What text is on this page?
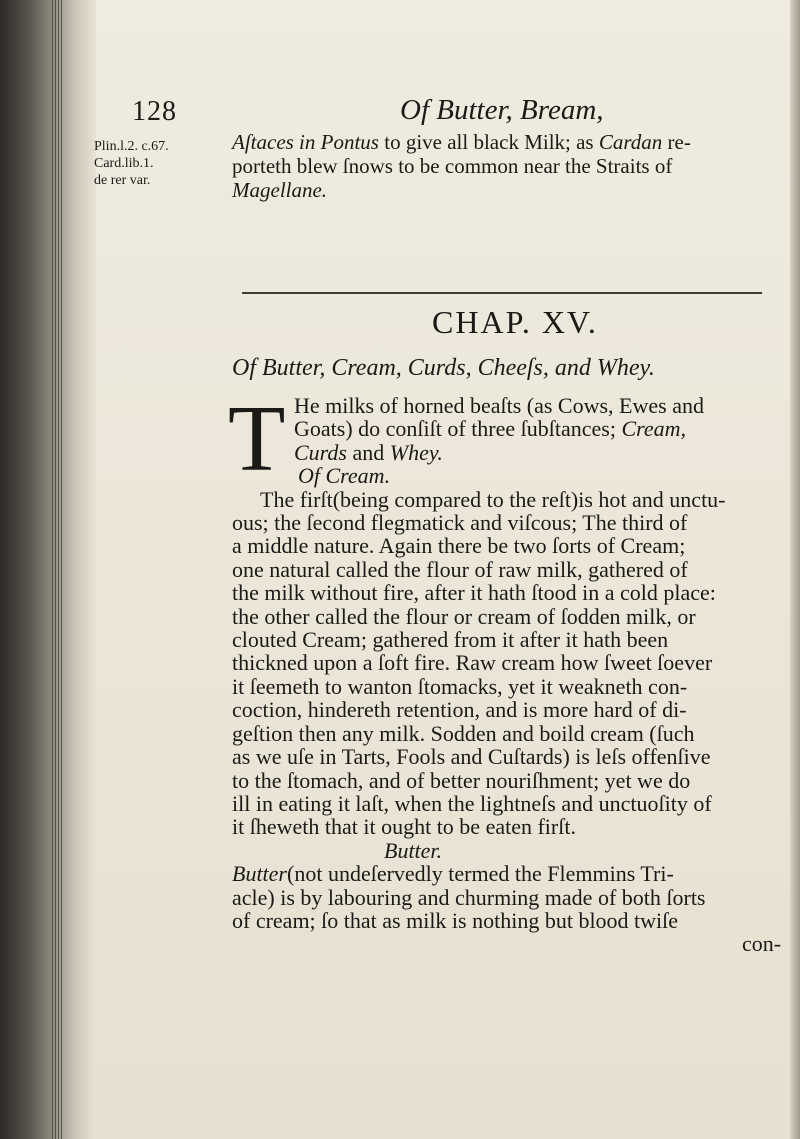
128	Of Butter, Bream,
Plin.l.2. c.67.
Card.lib.1.
de rer var.
Aſtaces in Pontus to give all black Milk; as Cardan re-
porteth blew ſnows to be common near the Straits of
Magellane.
CHAP. XV.
Of Butter, Cream, Curds, Cheeſs, and Whey.
T He milks of horned beaſts (as Cows, Ewes and
Goats) do conſiſt of three ſubſtances; Cream,
Curds and Whey.
Of Cream.
The firſt(being compared to the reſt)is hot and unctu-
ous; the ſecond flegmatick and viſcous; The third of
a middle nature. Again there be two ſorts of Cream;
one natural called the flour of raw milk, gathered of
the milk without fire, after it hath ſtood in a cold place:
the other called the flour or cream of ſodden milk, or
clouted Cream; gathered from it after it hath been
thickned upon a ſoft fire. Raw cream how ſweet ſoever
it ſeemeth to wanton ſtomacks, yet it weakneth con-
coction, hindereth retention, and is more hard of di-
geſtion then any milk. Sodden and boild cream (ſuch
as we uſe in Tarts, Fools and Cuſtards) is leſs offenſive
to the ſtomach, and of better nouriſhment; yet we do
ill in eating it laſt, when the lightneſs and unctuoſity of
it ſheweth that it ought to be eaten firſt.
Butter.
Butter(not undeſervedly termed the Flemmins Tri-
acle) is by labouring and churming made of both ſorts
of cream; ſo that as milk is nothing but blood twiſe
con-
